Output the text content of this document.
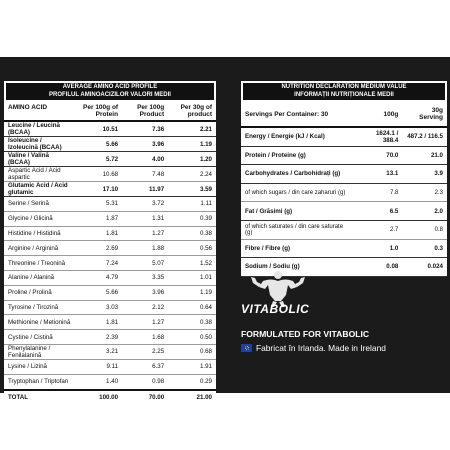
AVERAGE AMINO ACID PROFILE
PROFILUL AMINOACIZILOR VALORI MEDII
AMINO ACID	Per 100g of Protein	Per 100g Product	Per 30g of product
Leucine / Leucină (BCAA)	10.51	7.36	2.21
Isoleucine / Izoleucină (BCAA)	5.66	3.96	1.19
Valine / Valină (BCAA)	5.72	4.00	1.20
Aspartic Acid / Acid aspartic	10.68	7.48	2.24
Glutamic Acid / Acid glutamic	17.10	11.97	3.59
Serine / Serină	5.31	3.72	1.11
Glycine / Glicină	1.87	1.31	0.39
Histidine / Histidină	1.81	1.27	0.38
Arginine / Arginină	2.69	1.88	0.56
Threonine / Treonină	7.24	5.07	1.52
Alanine / Alanină	4.79	3.35	1.01
Proline / Prolină	5.66	3.96	1.19
Tyrosine / Tirozină	3.03	2.12	0.64
Methionine / Metionină	1.81	1.27	0.38
Cystine / Cistină	2.39	1.68	0.50
Phenylalanine / Fenilalanină	3.21	2.25	0.68
Lysine / Lizină	9.11	6.37	1.91
Tryptophan / Triptofan	1.40	0.98	0.29
TOTAL	100.00	70.00	21.00
NUTRITION DECLARATION MEDIUM VALUE
INFORMAȚII NUTRIȚIONALE MEDII
Servings Per Container: 30	100g	30g Serving
Energy / Energie (kJ / Kcal)	1624.1 / 388.4	487.2 / 116.5
Protein / Proteine (g)	70.0	21.0
Carbohydrates / Carbohidrați (g)	13.1	3.9
of which sugars / din care zaharuri (g)	7.8	2.3
Fat / Grăsimi (g)	6.5	2.0
of which saturates / din care saturate (g)	2.7	0.8
Fibre / Fibre (g)	1.0	0.3
Sodium / Sodiu (g)	0.08	0.024
VITABOLIC
FORMULATED FOR VITABOLIC
Fabricat în Irlanda. Made in Ireland
